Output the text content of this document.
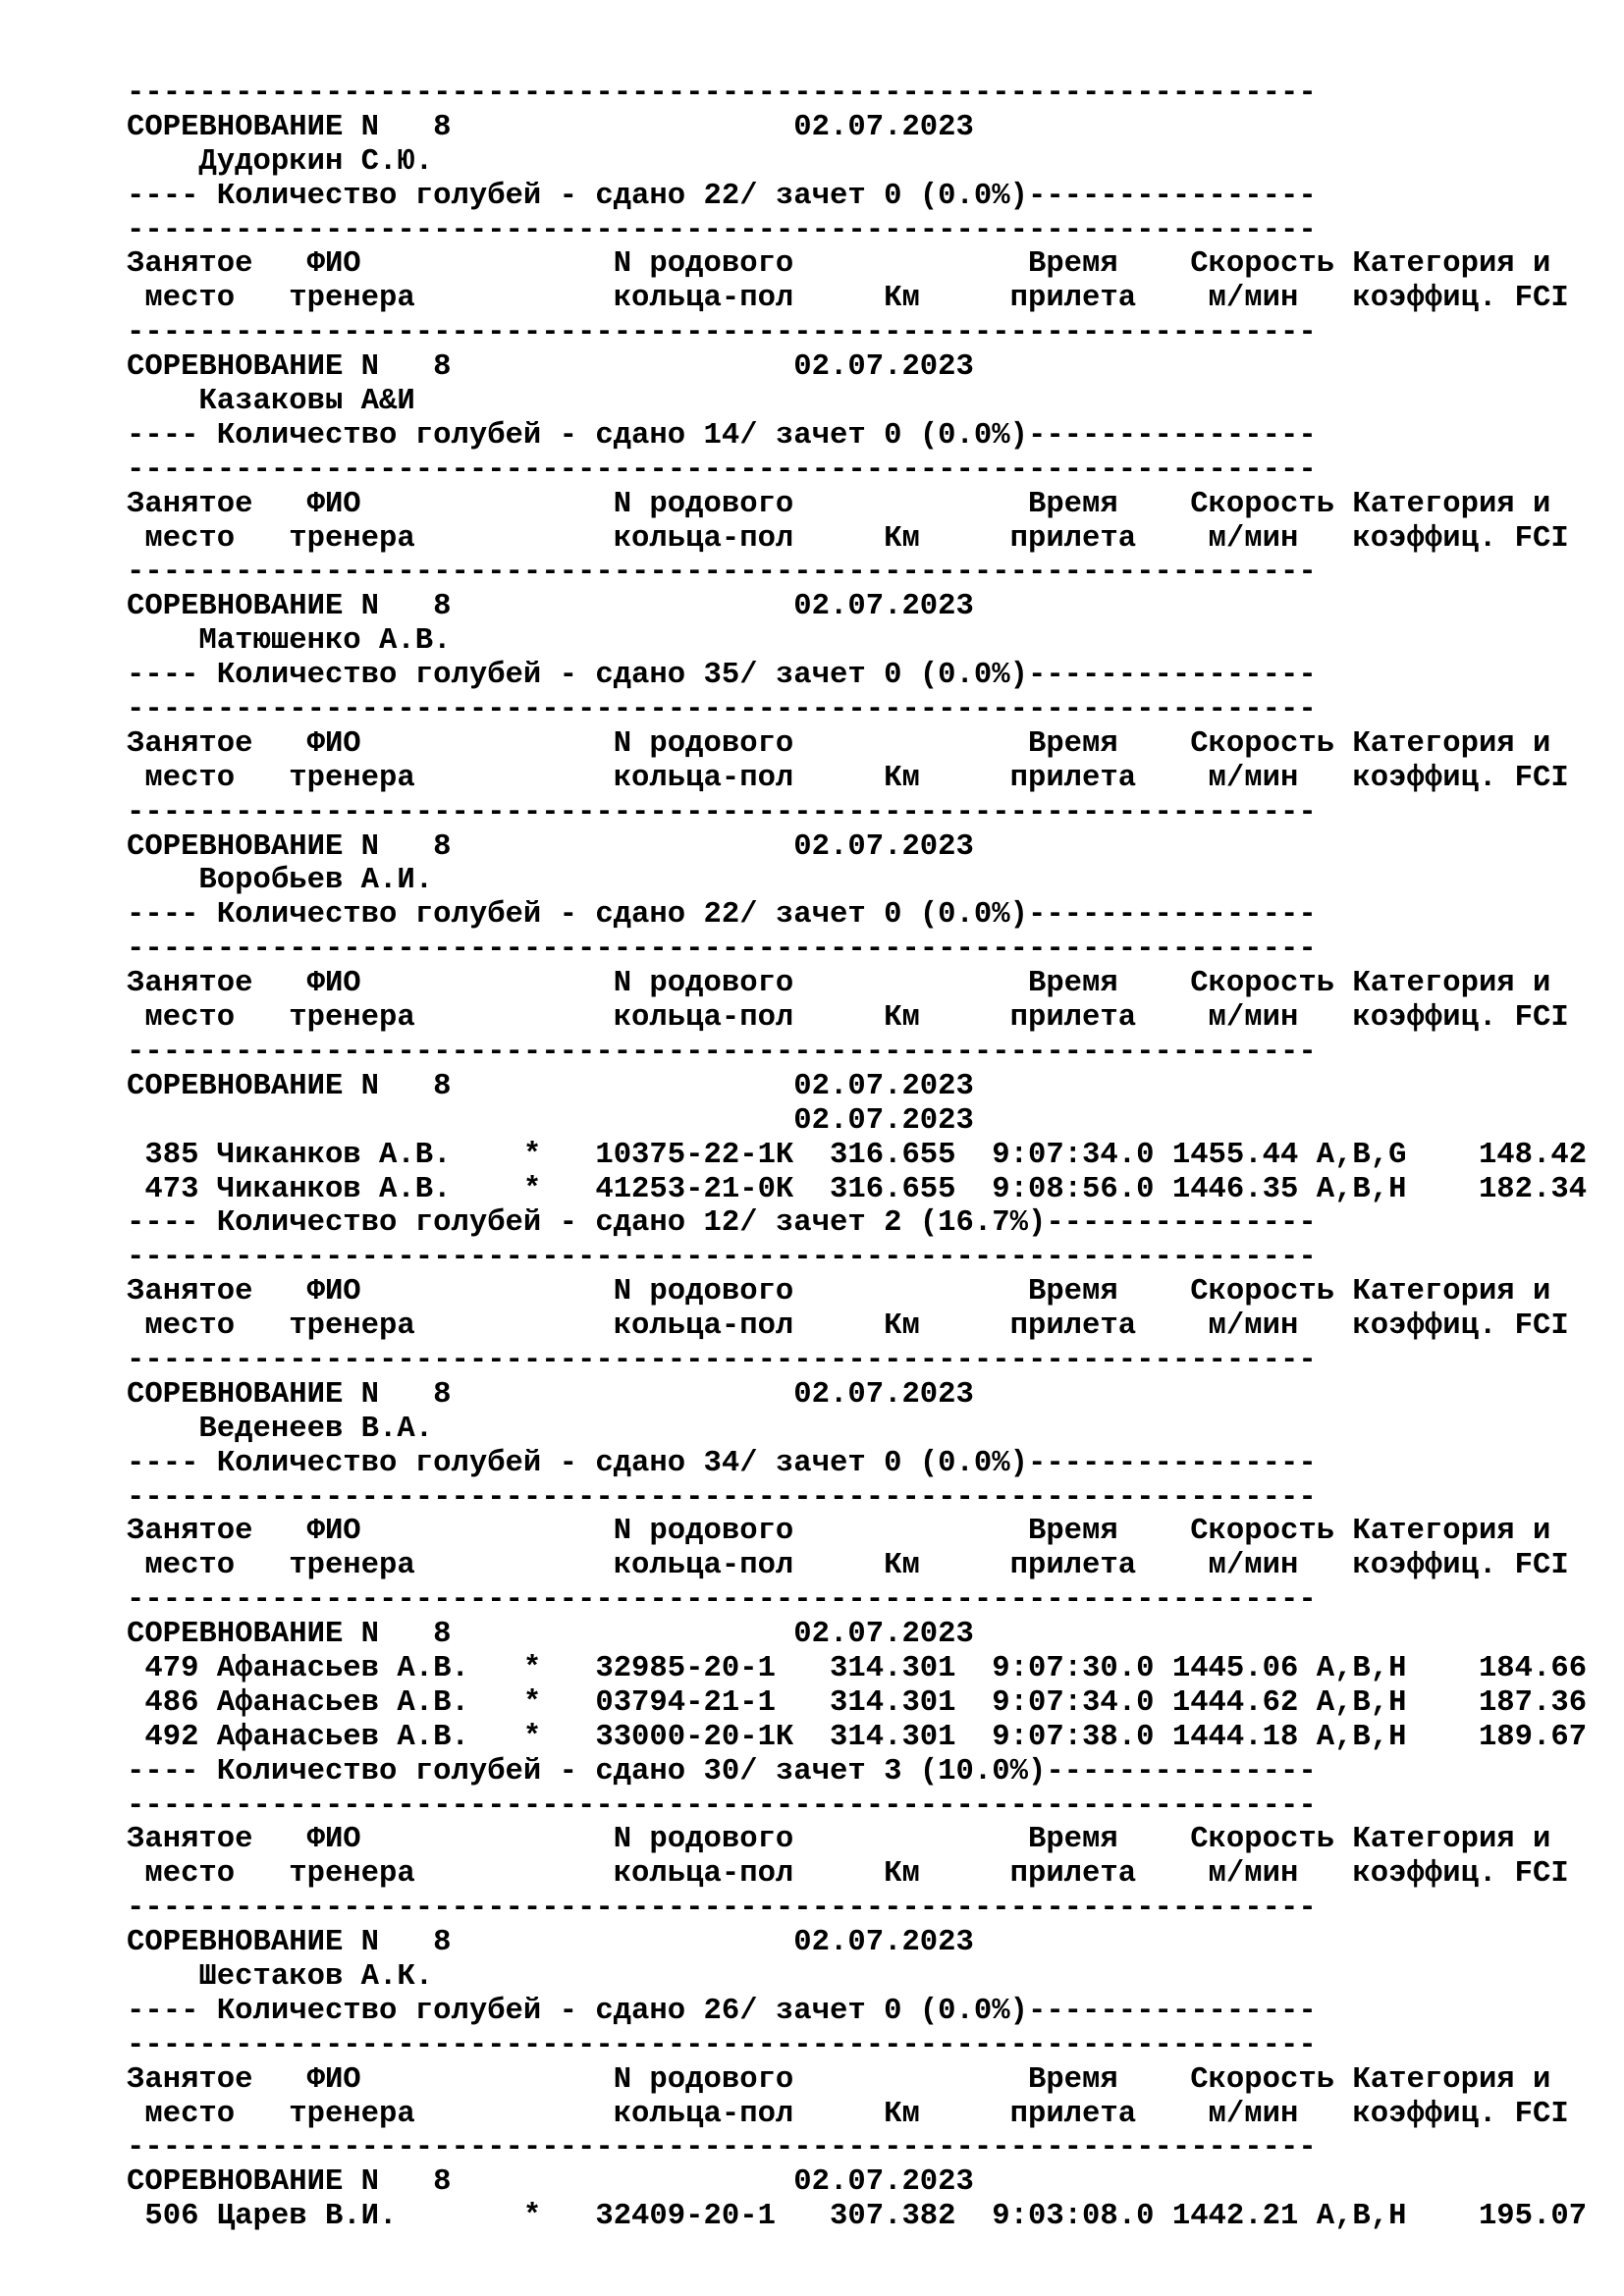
------------------------------------------------------------------
СОРЕВНОВАНИЕ N   8                   02.07.2023
Дудоркин С.Ю.
---- Количество голубей - сдано 22/ зачет 0 (0.0%)----------------
------------------------------------------------------------------
Занятое   ФИО              N родового             Время    Скорость Категория и
место   тренера           кольца-пол     Км     прилета    м/мин   коэффиц. FCI
------------------------------------------------------------------
СОРЕВНОВАНИЕ N   8                   02.07.2023
Казаковы А&И
---- Количество голубей - сдано 14/ зачет 0 (0.0%)----------------
------------------------------------------------------------------
Занятое   ФИО              N родового             Время    Скорость Категория и
место   тренера           кольца-пол     Км     прилета    м/мин   коэффиц. FCI
------------------------------------------------------------------
СОРЕВНОВАНИЕ N   8                   02.07.2023
Матюшенко А.В.
---- Количество голубей - сдано 35/ зачет 0 (0.0%)----------------
------------------------------------------------------------------
Занятое   ФИО              N родового             Время    Скорость Категория и
место   тренера           кольца-пол     Км     прилета    м/мин   коэффиц. FCI
------------------------------------------------------------------
СОРЕВНОВАНИЕ N   8                   02.07.2023
Воробьев А.И.
---- Количество голубей - сдано 22/ зачет 0 (0.0%)----------------
------------------------------------------------------------------
Занятое   ФИО              N родового             Время    Скорость Категория и
место   тренера           кольца-пол     Км     прилета    м/мин   коэффиц. FCI
------------------------------------------------------------------
СОРЕВНОВАНИЕ N   8                   02.07.2023
02.07.2023
385 Чиканков А.В.    *   10375-22-1К  316.655  9:07:34.0 1455.44 A,B,G    148.42
473 Чиканков А.В.    *   41253-21-0К  316.655  9:08:56.0 1446.35 A,B,H    182.34
---- Количество голубей - сдано 12/ зачет 2 (16.7%)---------------
------------------------------------------------------------------
Занятое   ФИО              N родового             Время    Скорость Категория и
место   тренера           кольца-пол     Км     прилета    м/мин   коэффиц. FCI
------------------------------------------------------------------
СОРЕВНОВАНИЕ N   8                   02.07.2023
Веденеев В.А.
---- Количество голубей - сдано 34/ зачет 0 (0.0%)----------------
------------------------------------------------------------------
Занятое   ФИО              N родового             Время    Скорость Категория и
место   тренера           кольца-пол     Км     прилета    м/мин   коэффиц. FCI
------------------------------------------------------------------
СОРЕВНОВАНИЕ N   8                   02.07.2023
479 Афанасьев А.В.   *   32985-20-1   314.301  9:07:30.0 1445.06 A,B,H    184.66
486 Афанасьев А.В.   *   03794-21-1   314.301  9:07:34.0 1444.62 A,B,H    187.36
492 Афанасьев А.В.   *   33000-20-1К  314.301  9:07:38.0 1444.18 A,B,H    189.67
---- Количество голубей - сдано 30/ зачет 3 (10.0%)---------------
------------------------------------------------------------------
Занятое   ФИО              N родового             Время    Скорость Категория и
место   тренера           кольца-пол     Км     прилета    м/мин   коэффиц. FCI
------------------------------------------------------------------
СОРЕВНОВАНИЕ N   8                   02.07.2023
Шестаков А.К.
---- Количество голубей - сдано 26/ зачет 0 (0.0%)----------------
------------------------------------------------------------------
Занятое   ФИО              N родового             Время    Скорость Категория и
место   тренера           кольца-пол     Км     прилета    м/мин   коэффиц. FCI
------------------------------------------------------------------
СОРЕВНОВАНИЕ N   8                   02.07.2023
506 Царев В.И.       *   32409-20-1   307.382  9:03:08.0 1442.21 A,B,H    195.07
